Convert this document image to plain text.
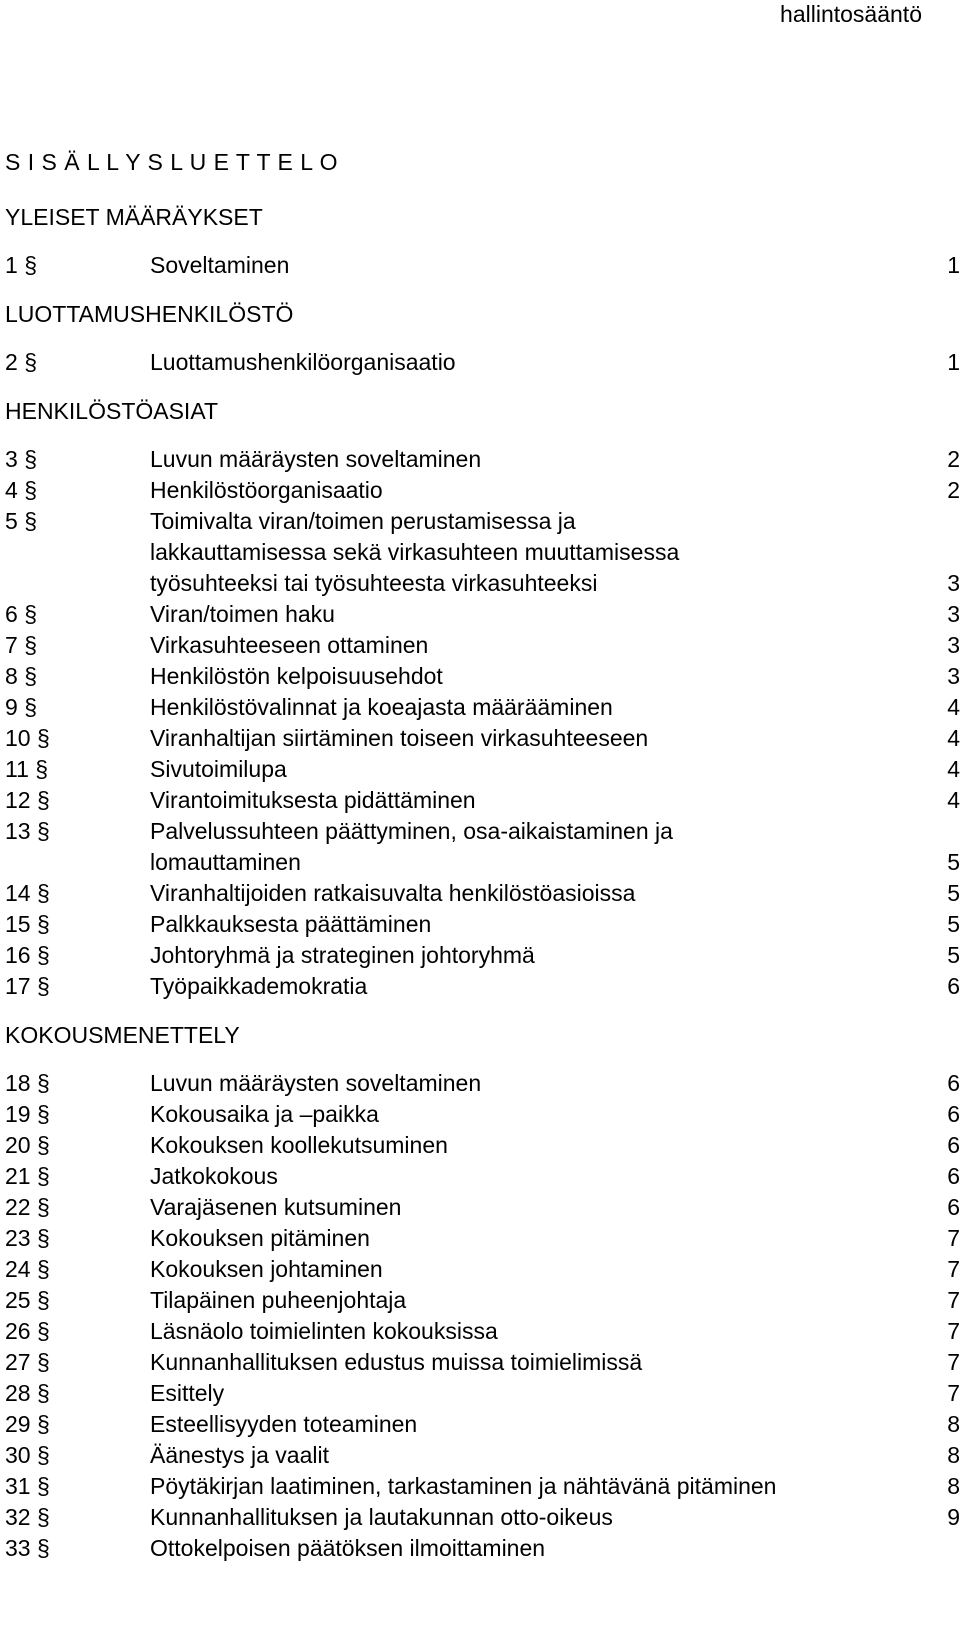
hallintosääntö
S I S Ä L L Y S L U E T T E L O
YLEISET MÄÄRÄYKSET
1 §	Soveltaminen	1
LUOTTAMUSHENKILÖSTÖ
2 §	Luottamushenkilöorganisaatio	1
HENKILÖSTÖASIAT
3 §	Luvun määräysten soveltaminen	2
4 §	Henkilöstöorganisaatio	2
5 §	Toimivalta viran/toimen perustamisessa ja
lakkauttamisessa sekä virkasuhteen muuttamisessa
työsuhteeksi tai työsuhteesta virkasuhteeksi	3
6 §	Viran/toimen haku	3
7 §	Virkasuhteeseen ottaminen	3
8 §	Henkilöstön kelpoisuusehdot	3
9 §	Henkilöstövalinnat ja koeajasta määrääminen	4
10 §	Viranhaltijan siirtäminen toiseen virkasuhteeseen	4
11 §	Sivutoimilupa	4
12 §	Virantoimituksesta pidättäminen	4
13 §	Palvelussuhteen päättyminen, osa-aikaistaminen ja
lomauttaminen	5
14 §	Viranhaltijoiden ratkaisuvalta henkilöstöasioissa	5
15 §	Palkkauksesta päättäminen	5
16 §	Johtoryhmä ja strateginen johtoryhmä	5
17 §	Työpaikkademokratia	6
KOKOUSMENETTELY
18 §	Luvun määräysten soveltaminen	6
19 §	Kokousaika ja –paikka	6
20 §	Kokouksen koollekutsuminen	6
21 §	Jatkokokous	6
22 §	Varajäsenen kutsuminen	6
23 §	Kokouksen pitäminen	7
24 §	Kokouksen johtaminen	7
25 §	Tilapäinen puheenjohtaja	7
26 §	Läsnäolo toimielinten kokouksissa	7
27 §	Kunnanhallituksen edustus muissa toimielimissä	7
28 §	Esittely	7
29 §	Esteellisyyden toteaminen	8
30 §	Äänestys ja vaalit	8
31 §	Pöytäkirjan laatiminen, tarkastaminen ja nähtävänä pitäminen	8
32 §	Kunnanhallituksen ja lautakunnan otto-oikeus	9
33 §	Ottokelpoisen päätöksen ilmoittaminen
